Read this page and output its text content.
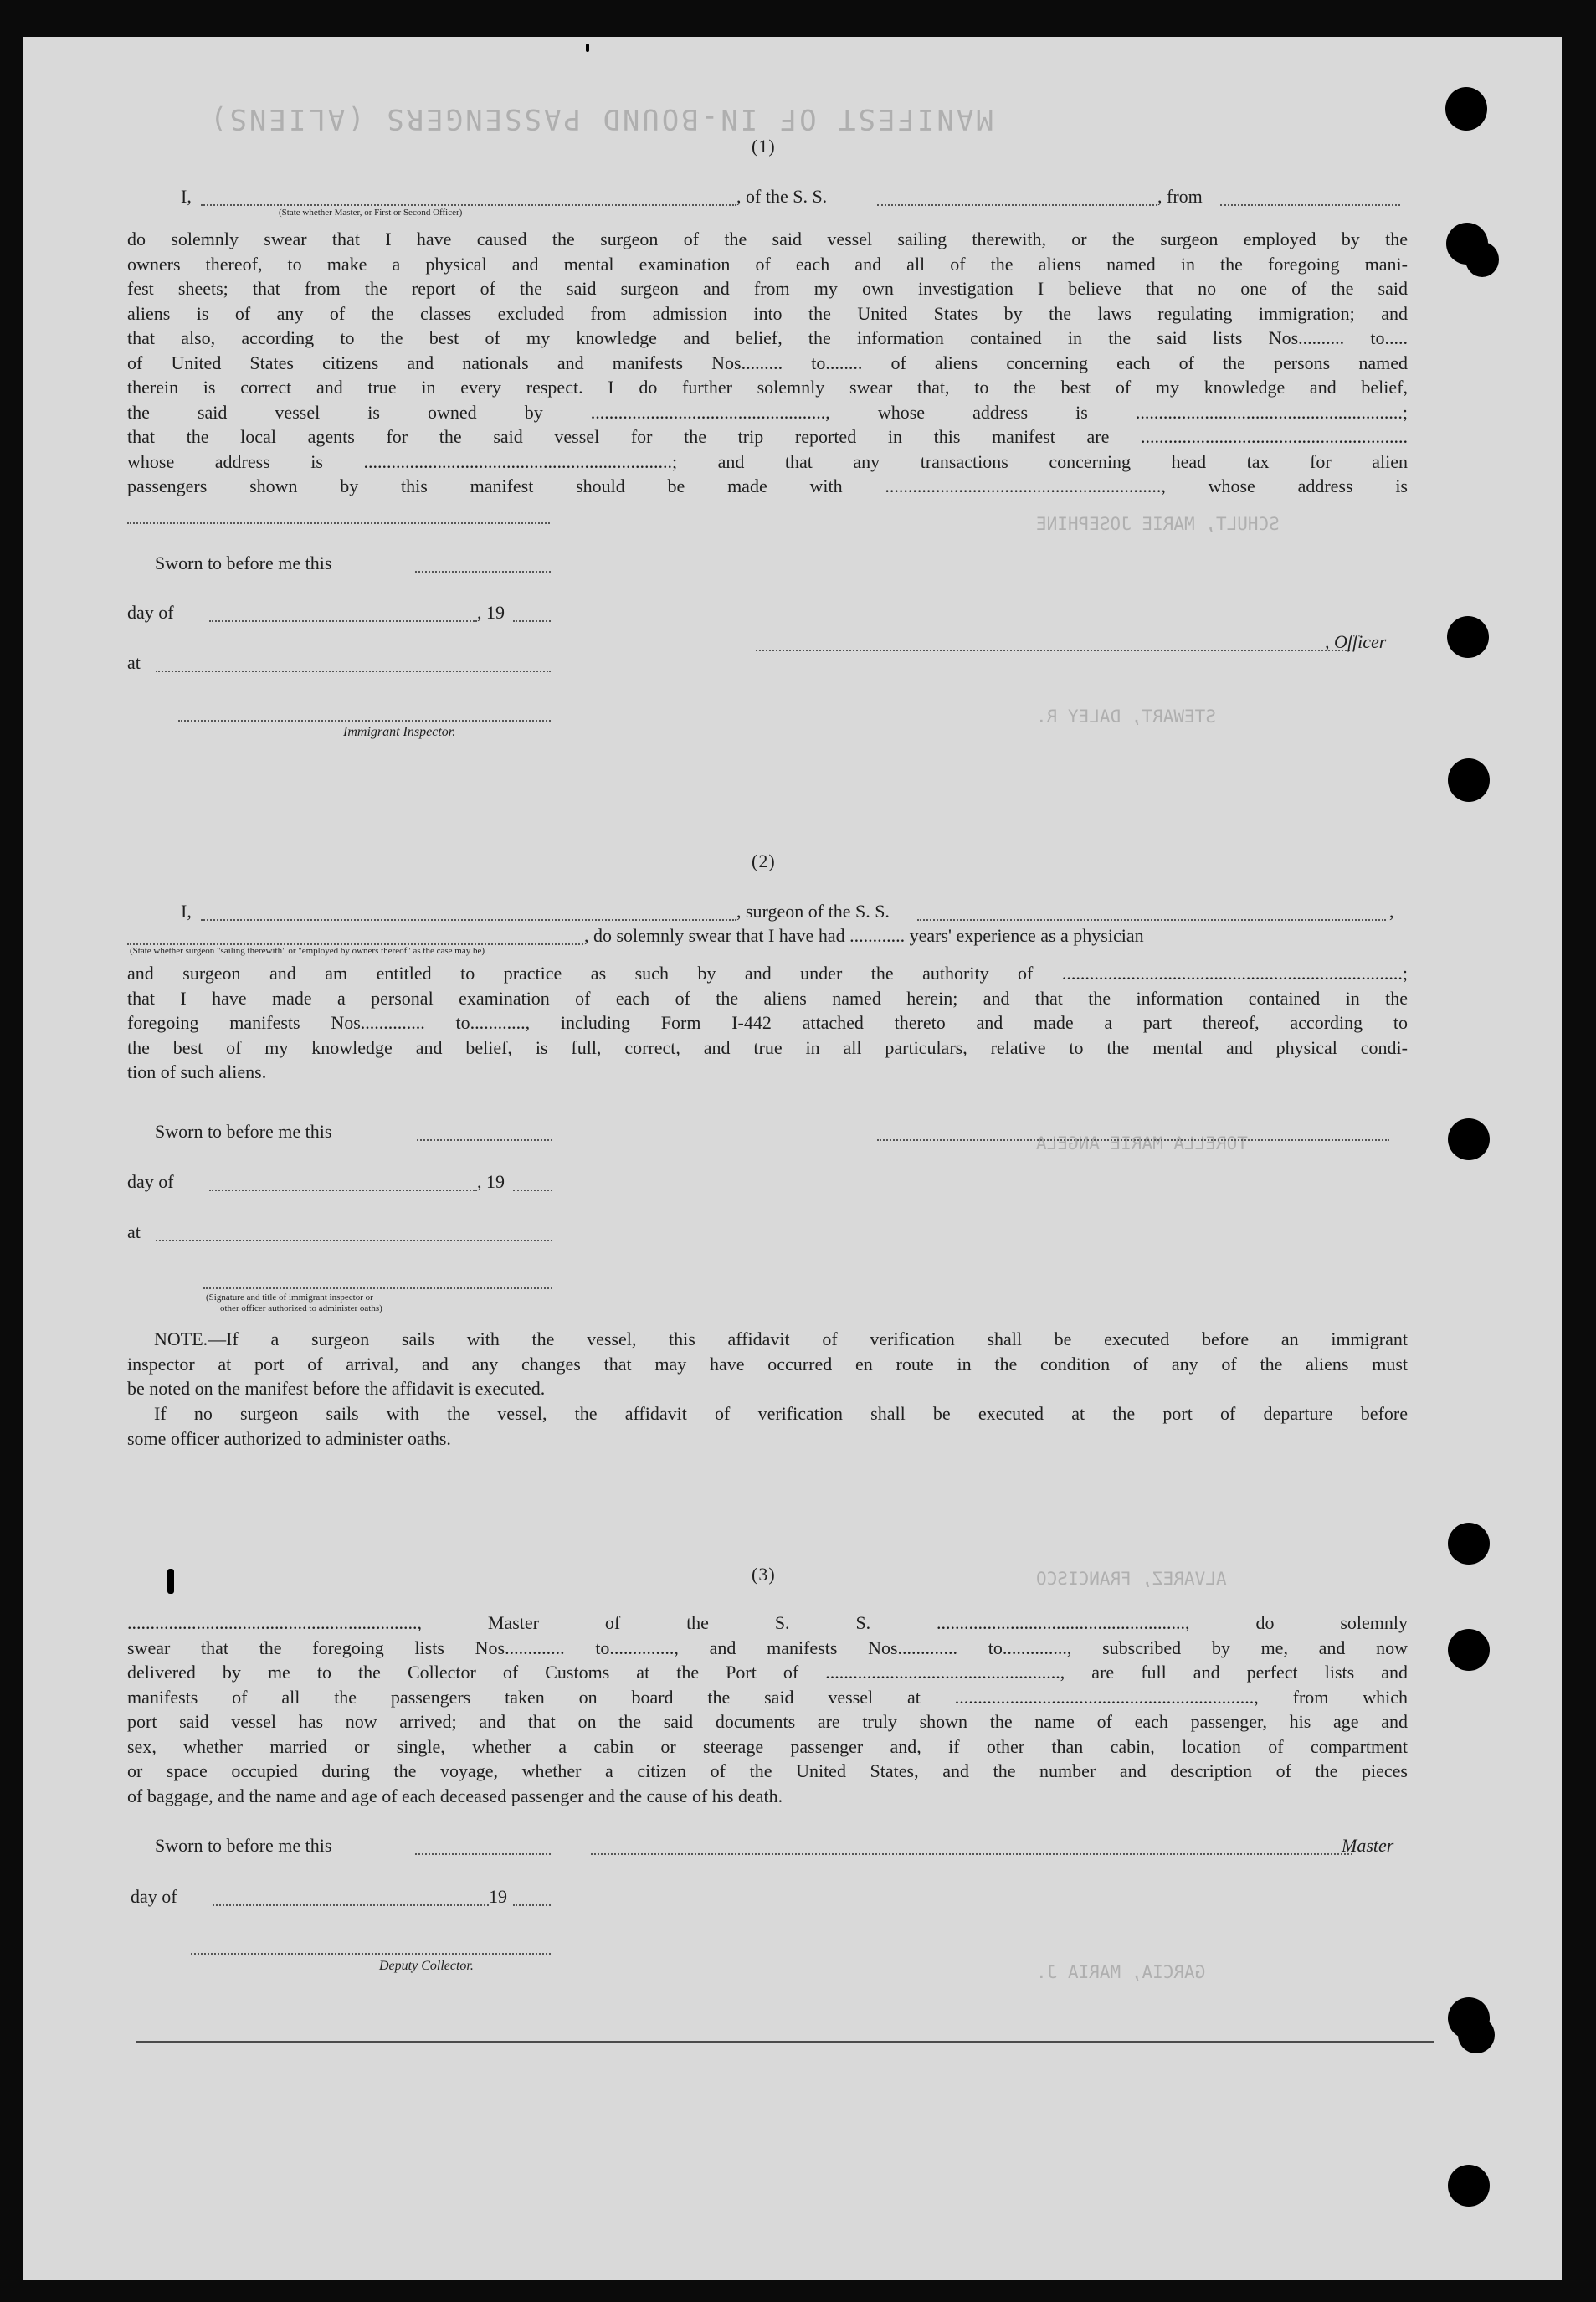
MANIFEST OF IN-BOUND PASSENGERS (ALIENS)
SCHULT, MARIE JOSEPHINE
STEWART, DALEY R.
TORELLA MARIE ANGELA
ALVAREZ, FRANCISCO
GARCIA, MARIA J.
(1)
I,	, of the S. S.	, from
(State whether Master, or First or Second Officer)
do solemnly swear that I have caused the surgeon of the said vessel sailing therewith, or the surgeon employed by the
owners thereof, to make a physical and mental examination of each and all of the aliens named in the foregoing mani-
fest sheets; that from the report of the said surgeon and from my own investigation I believe that no one of the said
aliens is of any of the classes excluded from admission into the United States by the laws regulating immigration; and
that also, according to the best of my knowledge and belief, the information contained in the said lists Nos.......... to.....
of United States citizens and nationals and manifests Nos......... to........ of aliens concerning each of the persons named
therein is correct and true in every respect. I do further solemnly swear that, to the best of my knowledge and belief,
the said vessel is owned by ..................................................., whose address is ..........................................................;
that the local agents for the said vessel for the trip reported in this manifest are ..........................................................
whose address is ...................................................................; and that any transactions concerning head tax for alien
passengers shown by this manifest should be made with ............................................................, whose address is
Sworn to before me this
day of	, 19
, Officer
at
Immigrant Inspector.
(2)
I,	, surgeon of the S. S.	,
, do solemnly swear that I have had ............ years' experience as a physician
(State whether surgeon "sailing therewith" or "employed by owners thereof" as the case may be)
and surgeon and am entitled to practice as such by and under the authority of ..........................................................................;
that I have made a personal examination of each of the aliens named herein; and that the information contained in the
foregoing manifests Nos.............. to............, including Form I-442 attached thereto and made a part thereof, according to
the best of my knowledge and belief, is full, correct, and true in all particulars, relative to the mental and physical condi-
tion of such aliens.
Sworn to before me this
day of	, 19
at
(Signature and title of immigrant inspector or
other officer authorized to administer oaths)
NOTE.—If a surgeon sails with the vessel, this affidavit of verification shall be executed before an immigrant
inspector at port of arrival, and any changes that may have occurred en route in the condition of any of the aliens must
be noted on the manifest before the affidavit is executed.
If no surgeon sails with the vessel, the affidavit of verification shall be executed at the port of departure before
some officer authorized to administer oaths.
(3)
..............................................................., Master of the S. S. ......................................................, do solemnly
swear that the foregoing lists Nos............. to.............., and manifests Nos............. to.............., subscribed by me, and now
delivered by me to the Collector of Customs at the Port of ..................................................., are full and perfect lists and
manifests of all the passengers taken on board the said vessel at ................................................................., from which
port said vessel has now arrived; and that on the said documents are truly shown the name of each passenger, his age and
sex, whether married or single, whether a cabin or steerage passenger and, if other than cabin, location of compartment
or space occupied during the voyage, whether a citizen of the United States, and the number and description of the pieces
of baggage, and the name and age of each deceased passenger and the cause of his death.
Sworn to before me this	Master
day of	19
Deputy Collector.
